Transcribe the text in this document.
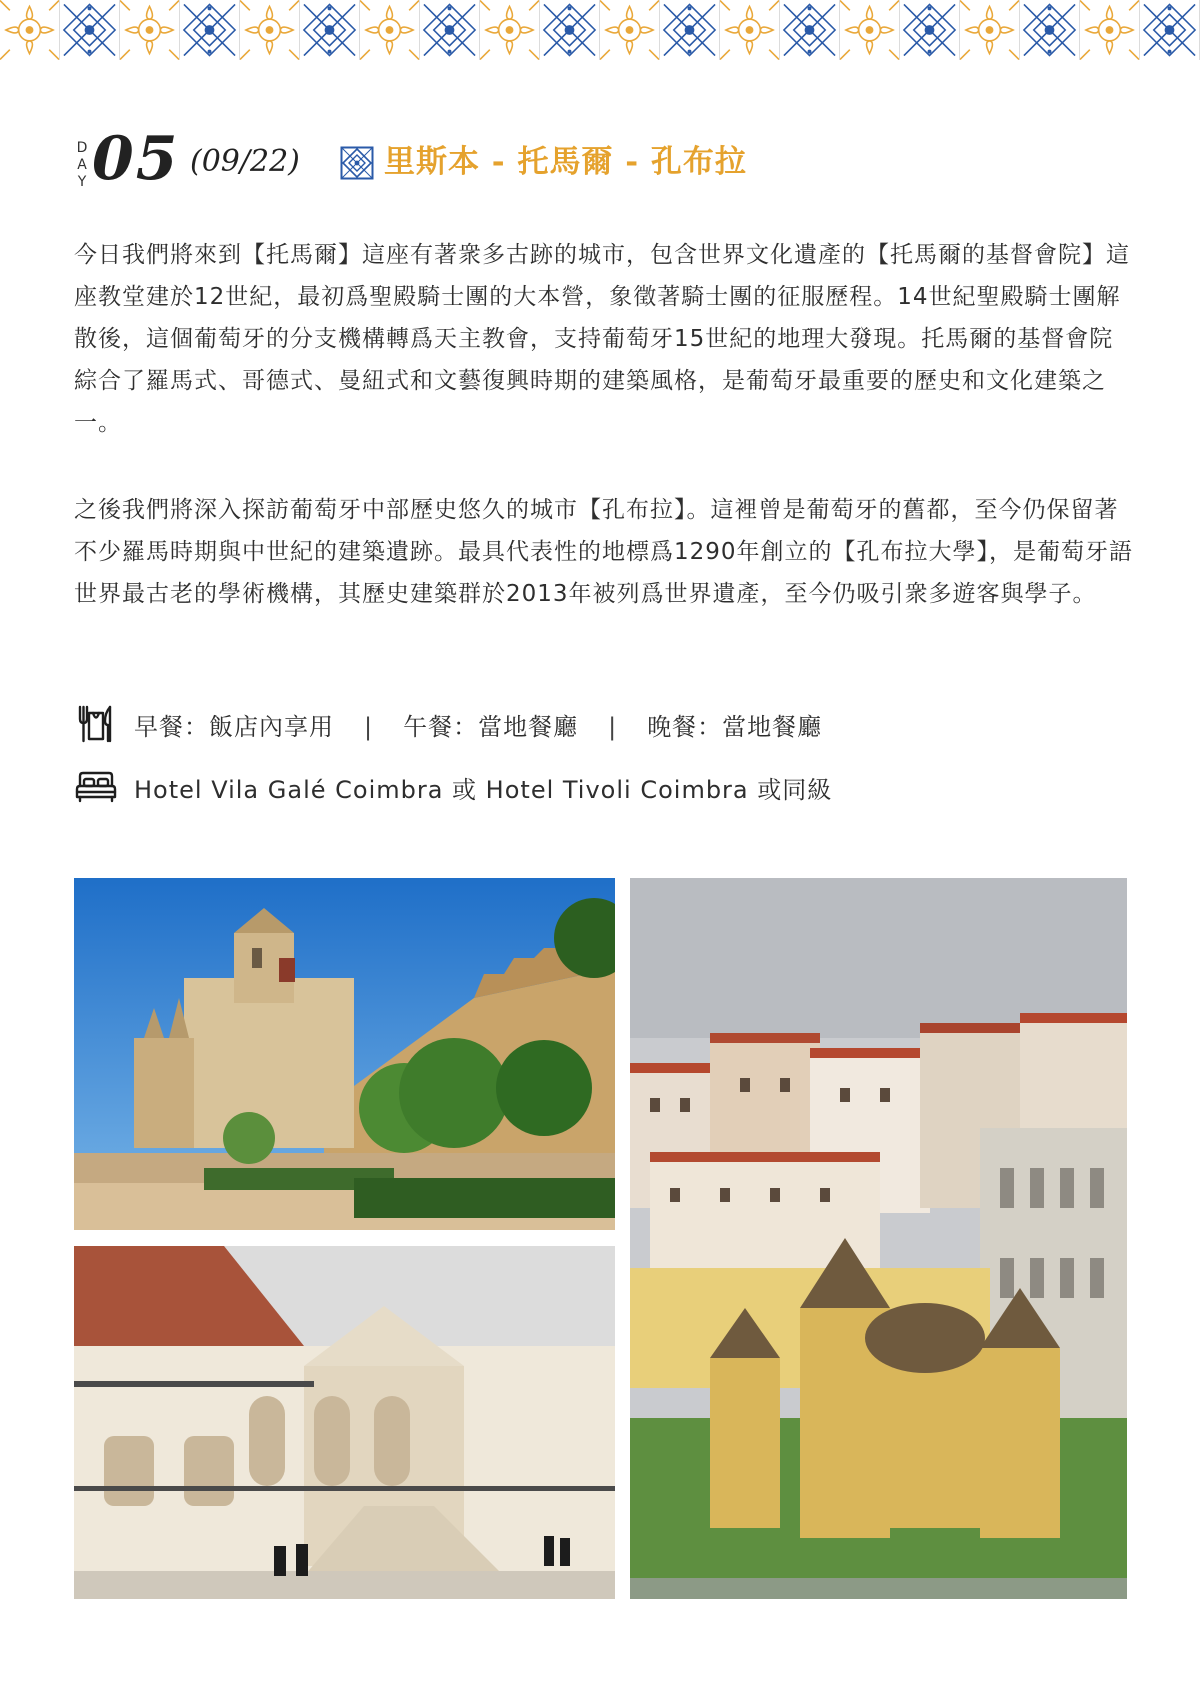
D
A
Y 05 (09/22)	里斯本 - 托馬爾 - 孔布拉

今日我們將來到【托馬爾】這座有著衆多古跡的城市，包含世界文化遺產的【托馬爾的基督會院】這座教堂建於12世紀，最初爲聖殿騎士團的大本營，象徵著騎士團的征服歷程。14世紀聖殿騎士團解散後，這個葡萄牙的分支機構轉爲天主教會，支持葡萄牙15世紀的地理大發現。托馬爾的基督會院綜合了羅馬式、哥德式、曼紐式和文藝復興時期的建築風格，是葡萄牙最重要的歷史和文化建築之一。

之後我們將深入探訪葡萄牙中部歷史悠久的城市【孔布拉】。這裡曾是葡萄牙的舊都，至今仍保留著不少羅馬時期與中世紀的建築遺跡。最具代表性的地標爲1290年創立的【孔布拉大學】，是葡萄牙語世界最古老的學術機構，其歷史建築群於2013年被列爲世界遺產，至今仍吸引衆多遊客與學子。

早餐：飯店內享用 | 午餐：當地餐廳 | 晚餐：當地餐廳
Hotel Vila Galé Coimbra 或 Hotel Tivoli Coimbra 或同級
